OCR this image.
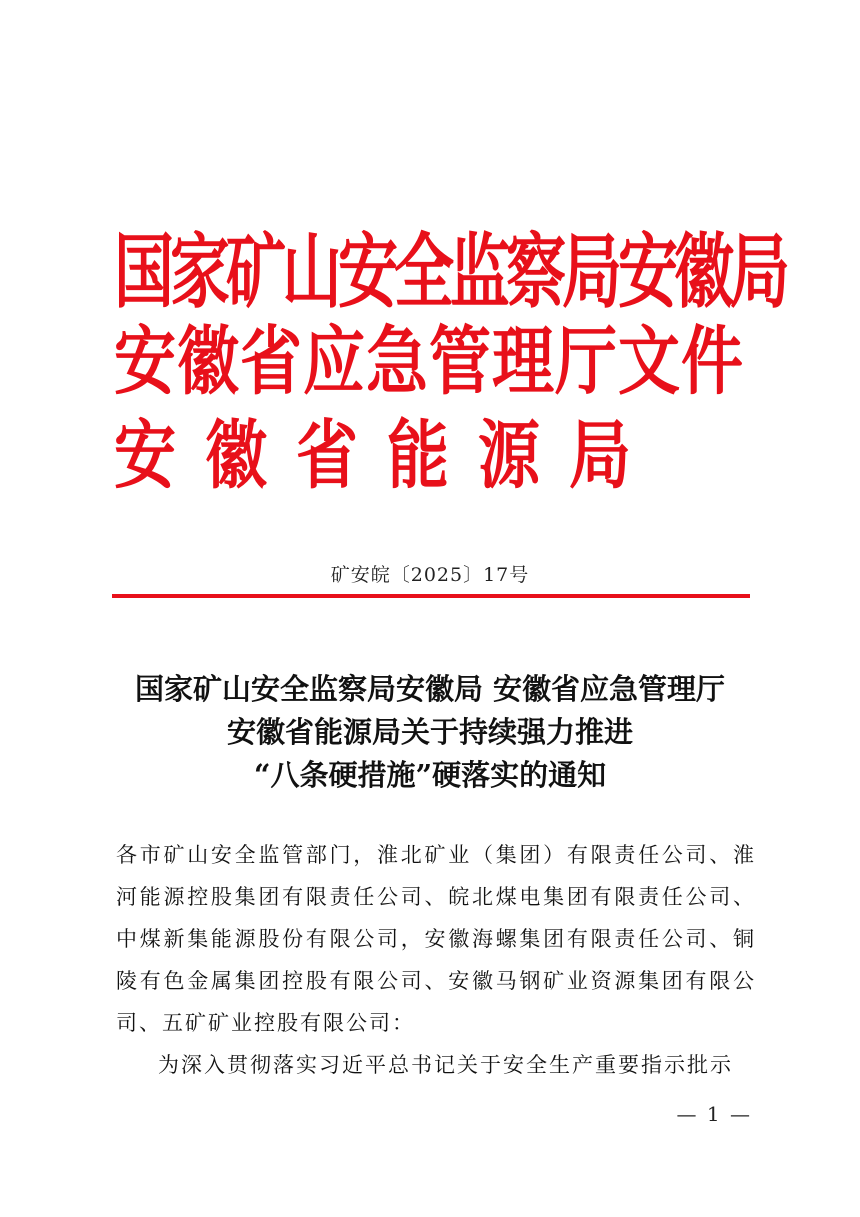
国家矿山安全监察局安徽局
安徽省应急管理厅文件
安徽省能源局
矿安皖〔2025〕17号
国家矿山安全监察局安徽局 安徽省应急管理厅
安徽省能源局关于持续强力推进
“八条硬措施”硬落实的通知

各市矿山安全监管部门，淮北矿业（集团）有限责任公司、淮河能源控股集团有限责任公司、皖北煤电集团有限责任公司、中煤新集能源股份有限公司，安徽海螺集团有限责任公司、铜陵有色金属集团控股有限公司、安徽马钢矿业资源集团有限公司、五矿矿业控股有限公司：

为深入贯彻落实习近平总书记关于安全生产重要指示批示

— 1 —
